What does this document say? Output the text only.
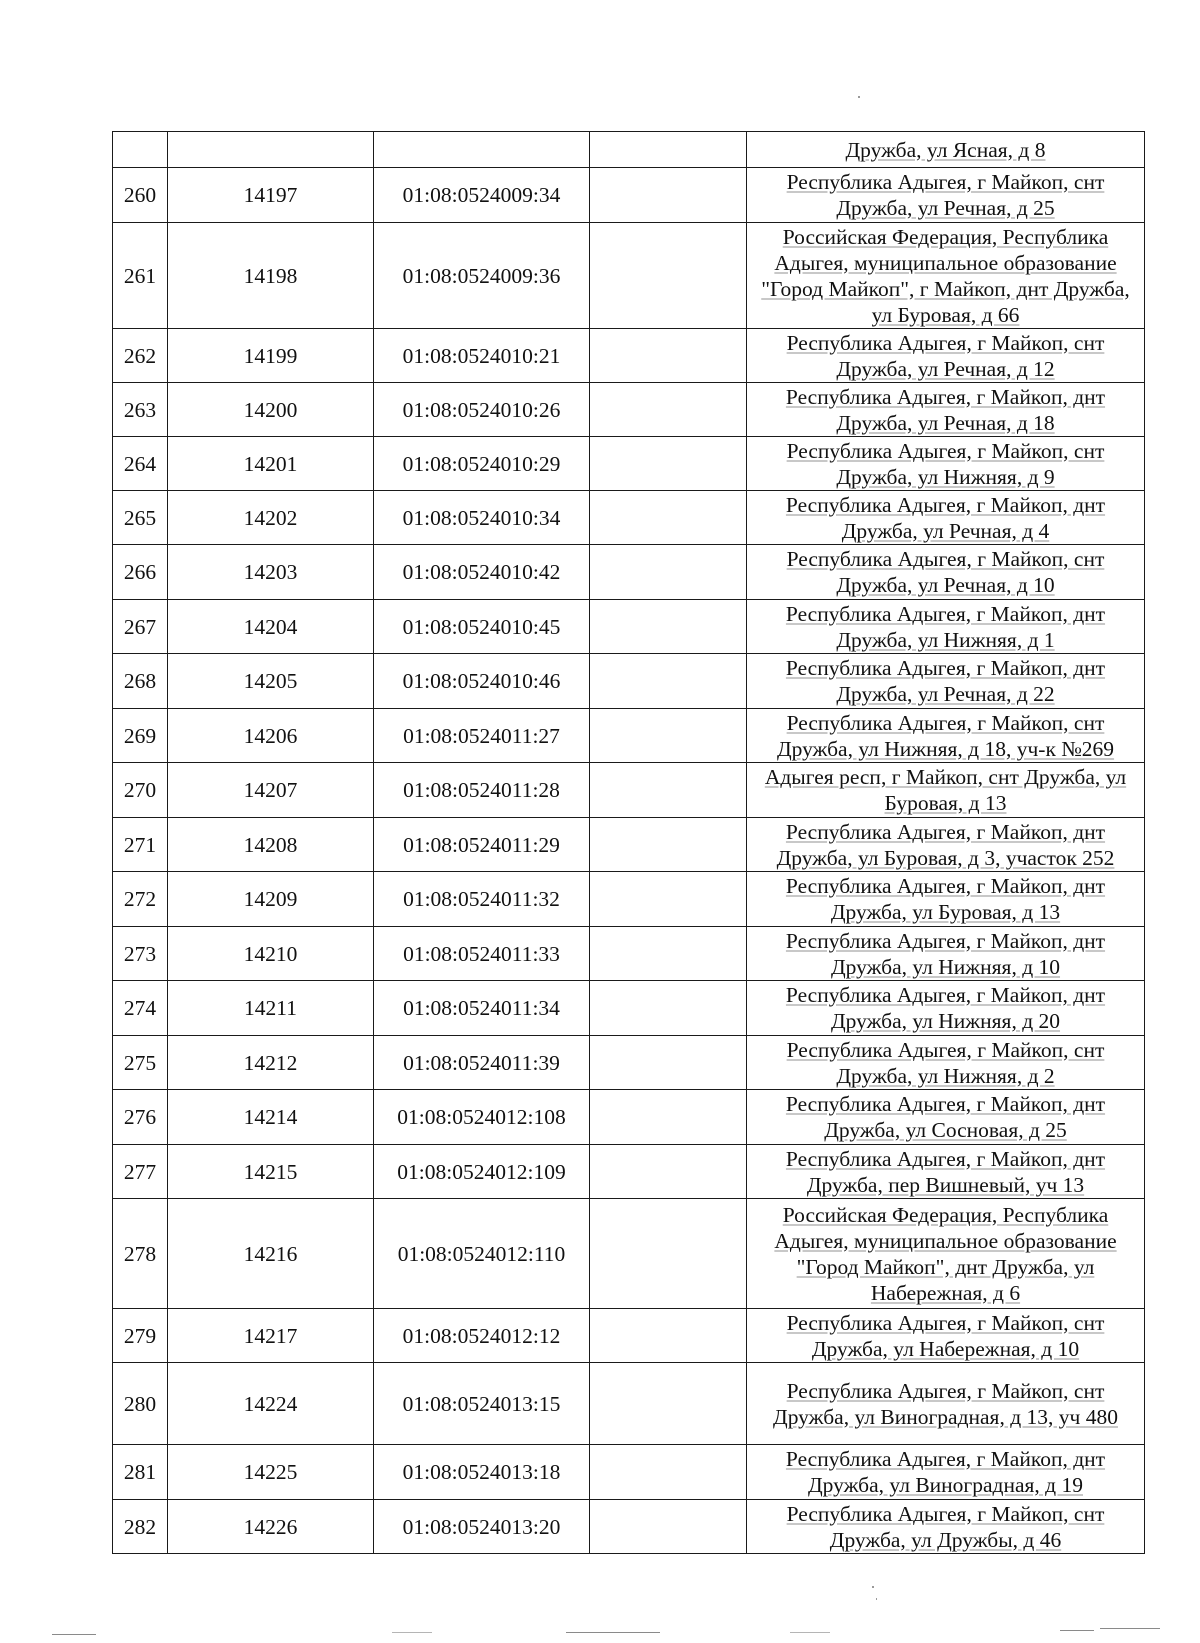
				Дружба, ул Ясная, д 8
260	14197	01:08:0524009:34		Республика Адыгея, г Майкоп, снт Дружба, ул Речная, д 25
261	14198	01:08:0524009:36		Российская Федерация, Республика Адыгея, муниципальное образование "Город Майкоп", г Майкоп, днт Дружба, ул Буровая, д 66
262	14199	01:08:0524010:21		Республика Адыгея, г Майкоп, снт Дружба, ул Речная, д 12
263	14200	01:08:0524010:26		Республика Адыгея, г Майкоп, днт Дружба, ул Речная, д 18
264	14201	01:08:0524010:29		Республика Адыгея, г Майкоп, снт Дружба, ул Нижняя, д 9
265	14202	01:08:0524010:34		Республика Адыгея, г Майкоп, днт Дружба, ул Речная, д 4
266	14203	01:08:0524010:42		Республика Адыгея, г Майкоп, снт Дружба, ул Речная, д 10
267	14204	01:08:0524010:45		Республика Адыгея, г Майкоп, днт Дружба, ул Нижняя, д 1
268	14205	01:08:0524010:46		Республика Адыгея, г Майкоп, днт Дружба, ул Речная, д 22
269	14206	01:08:0524011:27		Республика Адыгея, г Майкоп, снт Дружба, ул Нижняя, д 18, уч-к №269
270	14207	01:08:0524011:28		Адыгея респ, г Майкоп, снт Дружба, ул Буровая, д 13
271	14208	01:08:0524011:29		Республика Адыгея, г Майкоп, днт Дружба, ул Буровая, д 3, участок 252
272	14209	01:08:0524011:32		Республика Адыгея, г Майкоп, днт Дружба, ул Буровая, д 13
273	14210	01:08:0524011:33		Республика Адыгея, г Майкоп, днт Дружба, ул Нижняя, д 10
274	14211	01:08:0524011:34		Республика Адыгея, г Майкоп, днт Дружба, ул Нижняя, д 20
275	14212	01:08:0524011:39		Республика Адыгея, г Майкоп, снт Дружба, ул Нижняя, д 2
276	14214	01:08:0524012:108		Республика Адыгея, г Майкоп, днт Дружба, ул Сосновая, д 25
277	14215	01:08:0524012:109		Республика Адыгея, г Майкоп, днт Дружба, пер Вишневый, уч 13
278	14216	01:08:0524012:110		Российская Федерация, Республика Адыгея, муниципальное образование "Город Майкоп", днт Дружба, ул Набережная, д 6
279	14217	01:08:0524012:12		Республика Адыгея, г Майкоп, снт Дружба, ул Набережная, д 10
280	14224	01:08:0524013:15		Республика Адыгея, г Майкоп, снт Дружба, ул Виноградная, д 13, уч 480
281	14225	01:08:0524013:18		Республика Адыгея, г Майкоп, днт Дружба, ул Виноградная, д 19
282	14226	01:08:0524013:20		Республика Адыгея, г Майкоп, снт Дружба, ул Дружбы, д 46
